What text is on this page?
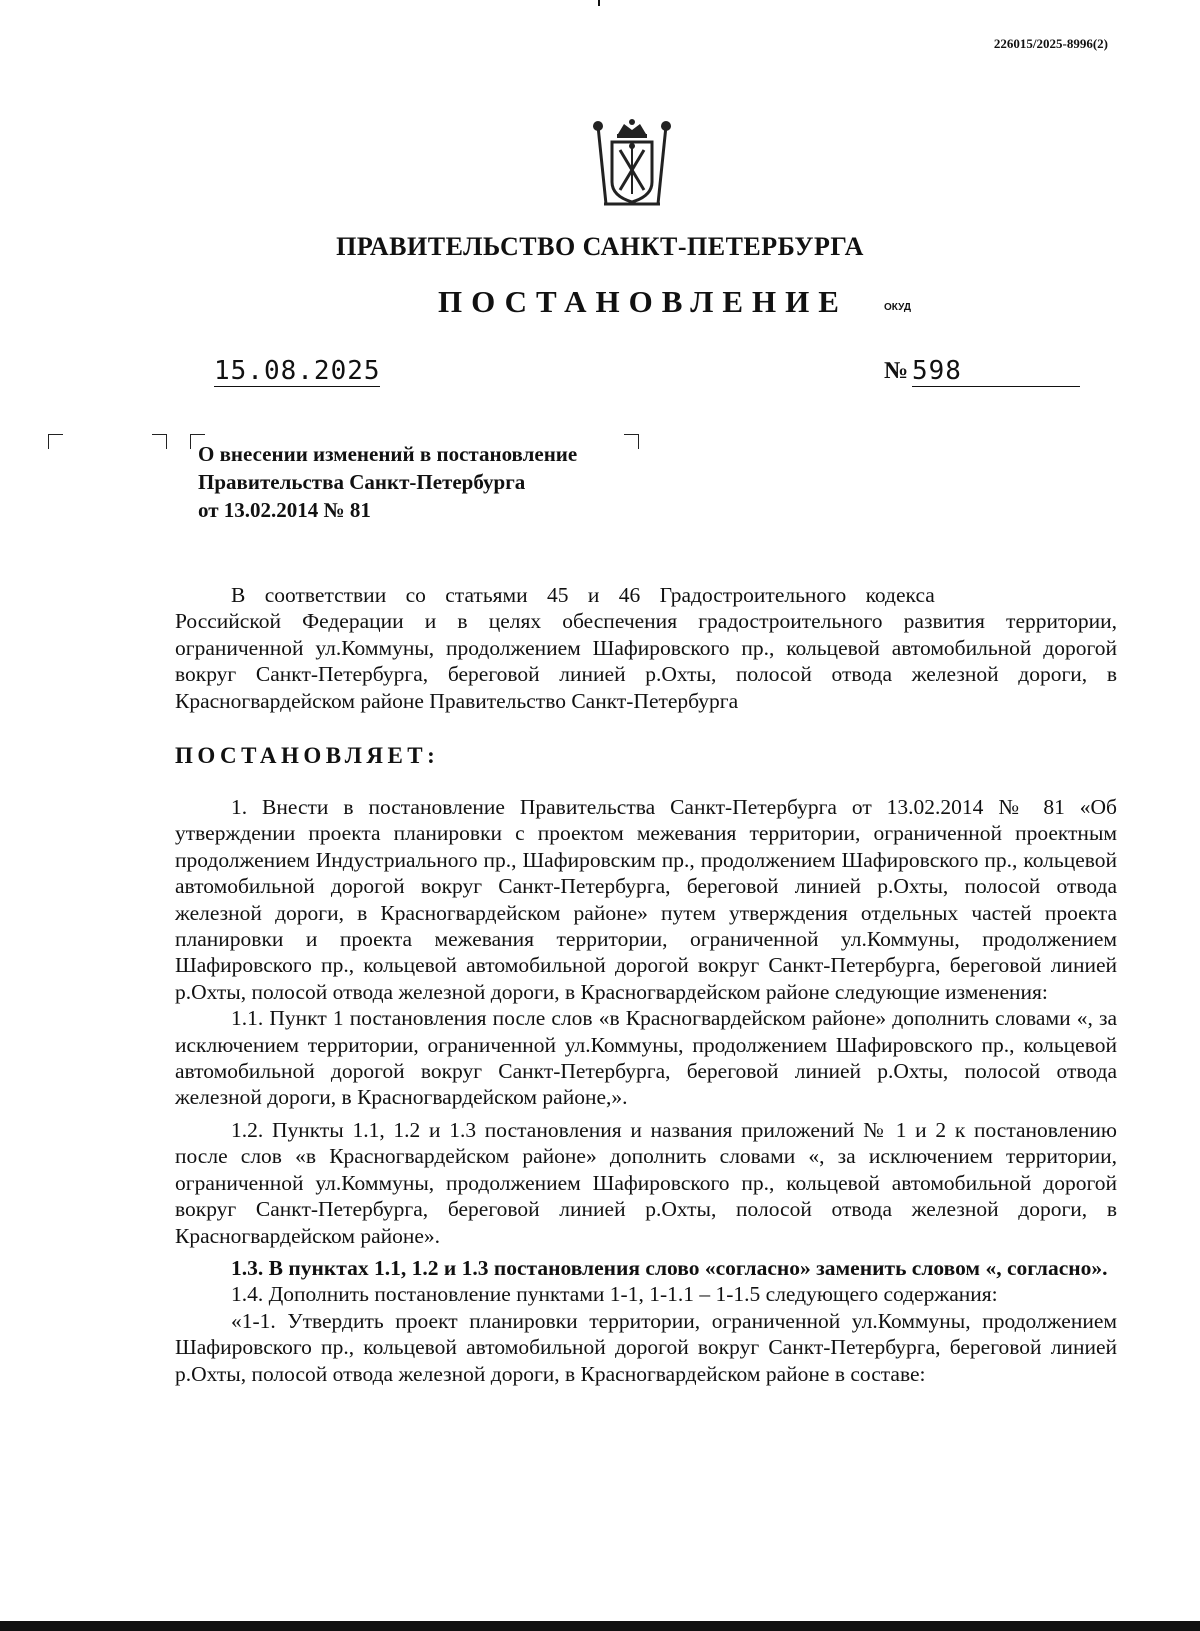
226015/2025-8996(2)
ПРАВИТЕЛЬСТВО САНКТ-ПЕТЕРБУРГА
ПОСТАНОВЛЕНИЕ	ОКУД
15.08.2025	№ 598
О внесении изменений в постановление
Правительства Санкт-Петербурга
от 13.02.2014 № 81

В соответствии со статьями 45 и 46 Градостроительного кодекса

Российской Федерации и в целях обеспечения градостроительного развития территории, ограниченной ул.Коммуны, продолжением Шафировского пр., кольцевой автомобильной дорогой вокруг Санкт-Петербурга, береговой линией р.Охты, полосой отвода железной дороги, в Красногвардейском районе Правительство Санкт-Петербурга

ПОСТАНОВЛЯЕТ:

1. Внести в постановление Правительства Санкт-Петербурга от 13.02.2014 № 81 «Об утверждении проекта планировки с проектом межевания территории, ограниченной проектным продолжением Индустриального пр., Шафировским пр., продолжением Шафировского пр., кольцевой автомобильной дорогой вокруг Санкт-Петербурга, береговой линией р.Охты, полосой отвода железной дороги, в Красногвардейском районе» путем утверждения отдельных частей проекта планировки и проекта межевания территории, ограниченной ул.Коммуны, продолжением Шафировского пр., кольцевой автомобильной дорогой вокруг Санкт-Петербурга, береговой линией р.Охты, полосой отвода железной дороги, в Красногвардейском районе следующие изменения:

1.1. Пункт 1 постановления после слов «в Красногвардейском районе» дополнить словами «, за исключением территории, ограниченной ул.Коммуны, продолжением Шафировского пр., кольцевой автомобильной дорогой вокруг Санкт-Петербурга, береговой линией р.Охты, полосой отвода железной дороги, в Красногвардейском районе,».

1.2. Пункты 1.1, 1.2 и 1.3 постановления и названия приложений № 1 и 2 к постановлению после слов «в Красногвардейском районе» дополнить словами «, за исключением территории, ограниченной ул.Коммуны, продолжением Шафировского пр., кольцевой автомобильной дорогой вокруг Санкт-Петербурга, береговой линией р.Охты, полосой отвода железной дороги, в Красногвардейском районе».

1.3. В пунктах 1.1, 1.2 и 1.3 постановления слово «согласно» заменить словом «, согласно».

1.4. Дополнить постановление пунктами 1-1, 1-1.1 – 1-1.5 следующего содержания:

«1-1. Утвердить проект планировки территории, ограниченной ул.Коммуны, продолжением Шафировского пр., кольцевой автомобильной дорогой вокруг Санкт-Петербурга, береговой линией р.Охты, полосой отвода железной дороги, в Красногвардейском районе в составе:
